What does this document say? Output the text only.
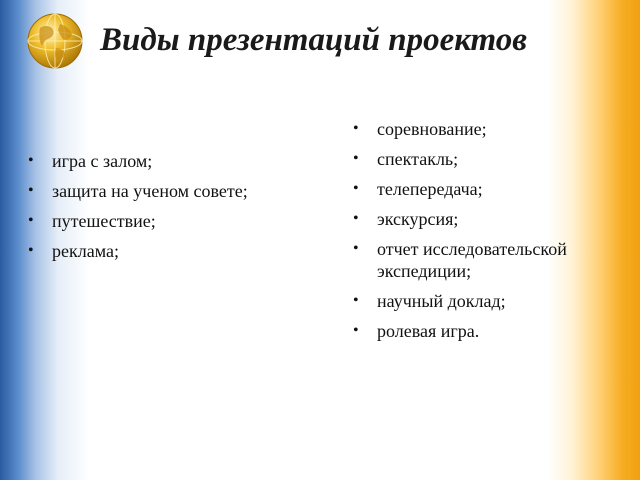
Виды презентаций проектов
• игра с залом;
• защита на ученом совете;
• путешествие;
• реклама;
• соревнование;
• спектакль;
• телепередача;
• экскурсия;
• отчет исследовательской экспедиции;
• научный доклад;
• ролевая игра.
